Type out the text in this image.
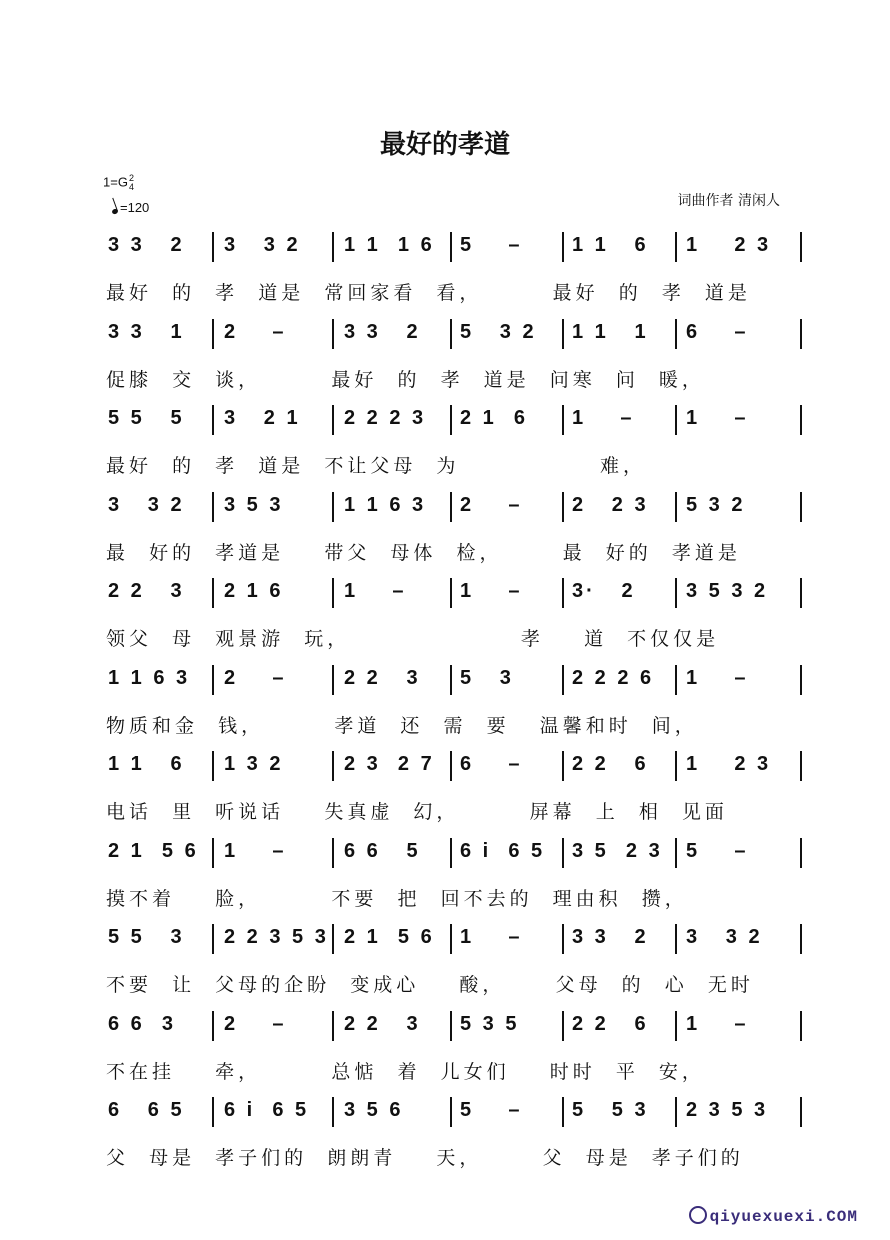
最好的孝道
1=G2
4
=120	词曲作者 清闲人
3 3   2 3   3 2 1 1  1 6 5    – 1 1   6 1    2 3
最好  的  孝  道是  常回家看  看，       最好  的  孝  道是
3 3   1 2    –	3 3   2 5   3 2 1 1   1 6    –
促膝  交  谈，       最好  的  孝  道是  问寒  问  暖，
5 5   5 3   2 1 2 2 2 3 2 1  6 1    –	1    –
最好  的  孝  道是  不让父母  为              难，
3   3 2 3 5 3	1 1 6 3 2    – 2   2 3 5 3 2
最  好的  孝道是    带父  母体  检，      最  好的  孝道是
2 2   3 2 1 6	1    –	1    – 3·   2	3 5 3 2
领父  母  观景游  玩，                 孝    道  不仅仅是
1 1 6 3 2    –	2 2   3 5   3	2 2 2 6 1    –
物质和金  钱，       孝道  还  需  要   温馨和时  间，
1 1   6 1 3 2	2 3  2 7 6    – 2 2   6 1    2 3
电话  里  听说话    失真虚  幻，       屏幕  上  相  见面
2 1  5 6 1    –	6 6   5 6 i  6 5 3 5  2 3 5    –
摸不着    脸，       不要  把  回不去的  理由积  攒，
5 5   3 2 2 3 5 3 2 1  5 6 1    – 3 3   2 3   3 2
不要  让  父母的企盼  变成心    酸，     父母  的  心  无时
6 6  3 2    –	2 2   3 5 3 5	2 2   6 1    –
不在挂    牵，       总惦  着  儿女们    时时  平  安，
6   6 5 6 i  6 5 3 5 6	5    – 5   5 3 2 3 5 3
父  母是  孝子们的  朗朗青    天，      父  母是  孝子们的
qiyuexuexi.COM
